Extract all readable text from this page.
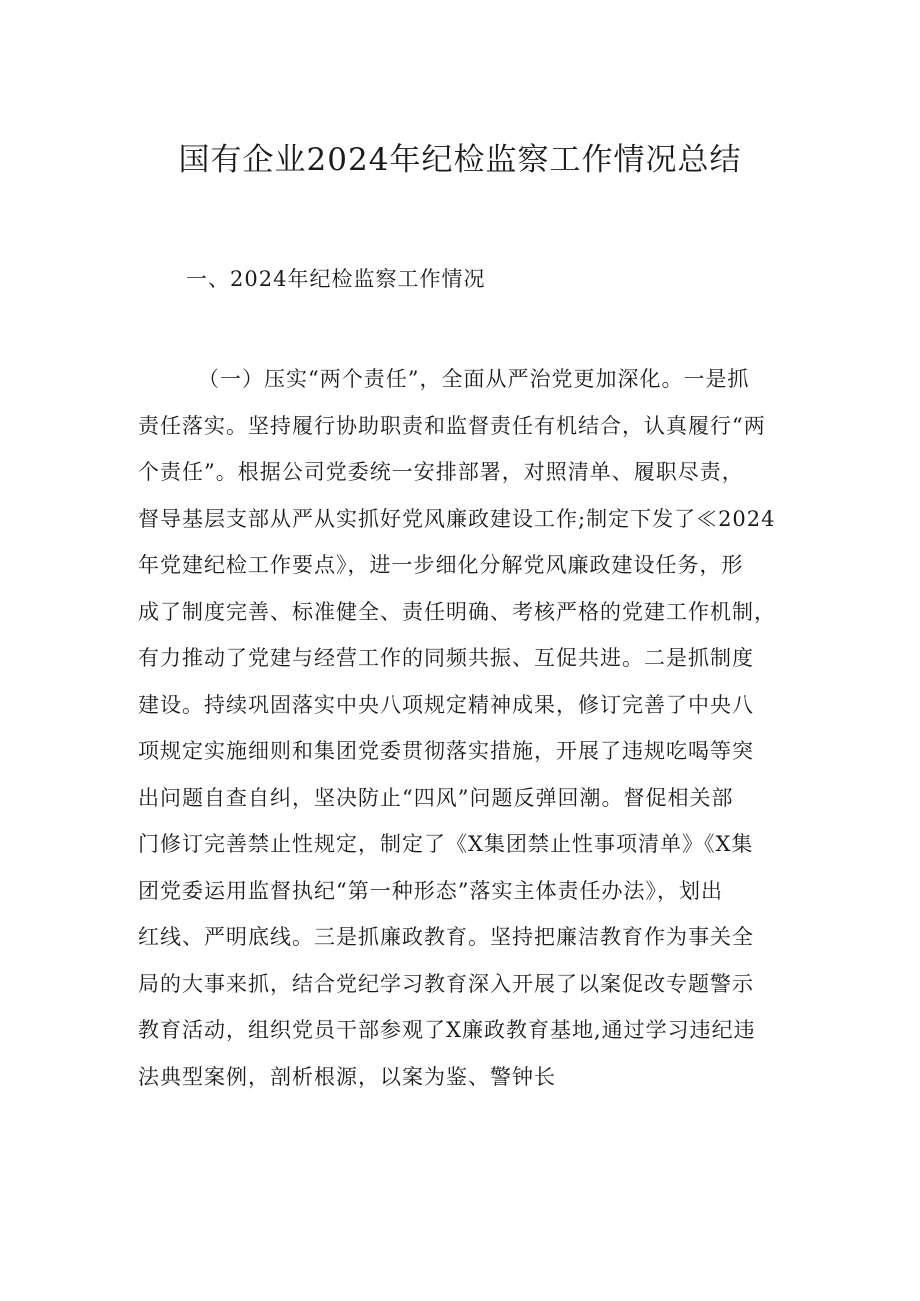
国有企业2024年纪检监察工作情况总结
一、2024年纪检监察工作情况
（一）压实“两个责任”，全面从严治党更加深化。一是抓
责任落实。坚持履行协助职责和监督责任有机结合，认真履行“两
个责任”。根据公司党委统一安排部署，对照清单、履职尽责，
督导基层支部从严从实抓好党风廉政建设工作;制定下发了≪2024
年党建纪检工作要点》，进一步细化分解党风廉政建设任务，形
成了制度完善、标准健全、责任明确、考核严格的党建工作机制，
有力推动了党建与经营工作的同频共振、互促共进。二是抓制度
建设。持续巩固落实中央八项规定精神成果，修订完善了中央八
项规定实施细则和集团党委贯彻落实措施，开展了违规吃喝等突
出问题自查自纠，坚决防止“四风”问题反弹回潮。督促相关部
门修订完善禁止性规定，制定了《X集团禁止性事项清单》《X集
团党委运用监督执纪“第一种形态”落实主体责任办法》，划出
红线、严明底线。三是抓廉政教育。坚持把廉洁教育作为事关全
局的大事来抓，结合党纪学习教育深入开展了以案促改专题警示
教育活动，组织党员干部参观了X廉政教育基地,通过学习违纪违
法典型案例，剖析根源，以案为鉴、警钟长
